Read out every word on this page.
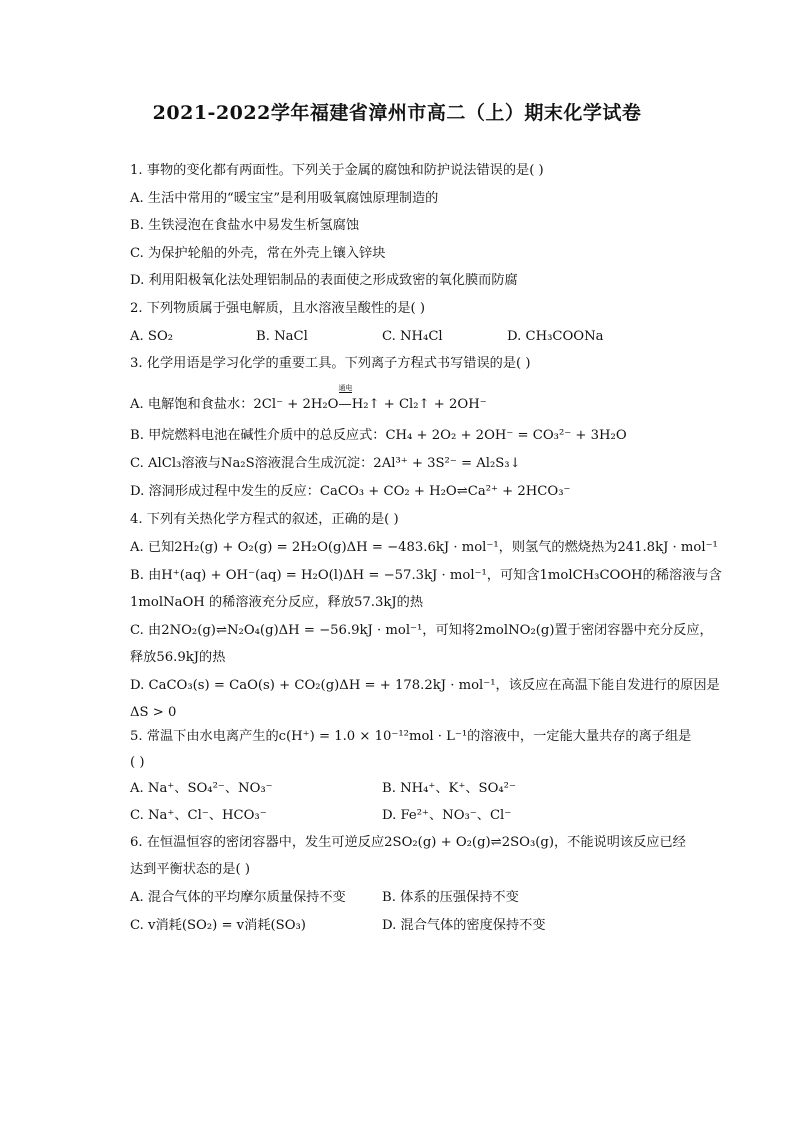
2021-2022学年福建省漳州市高二（上）期末化学试卷
1. 事物的变化都有两面性。下列关于金属的腐蚀和防护说法错误的是( )
A. 生活中常用的“暖宝宝”是利用吸氧腐蚀原理制造的
B. 生铁浸泡在食盐水中易发生析氢腐蚀
C. 为保护轮船的外壳，常在外壳上镶入锌块
D. 利用阳极氧化法处理铝制品的表面使之形成致密的氧化膜而防腐
2. 下列物质属于强电解质，且水溶液呈酸性的是( )
A. SO₂	B. NaCl	C. NH₄Cl	D. CH₃COONa
3. 化学用语是学习化学的重要工具。下列离子方程式书写错误的是( )
A. 电解饱和食盐水：2Cl⁻ + 2H₂O
通电
—H₂↑ + Cl₂↑ + 2OH⁻
B. 甲烷燃料电池在碱性介质中的总反应式：CH₄ + 2O₂ + 2OH⁻ = CO₃²⁻ + 3H₂O
C. AlCl₃溶液与Na₂S溶液混合生成沉淀：2Al³⁺ + 3S²⁻ = Al₂S₃↓
D. 溶洞形成过程中发生的反应：CaCO₃ + CO₂ + H₂O⇌Ca²⁺ + 2HCO₃⁻
4. 下列有关热化学方程式的叙述，正确的是( )
A. 已知2H₂(g) + O₂(g) = 2H₂O(g)ΔH = −483.6kJ · mol⁻¹，则氢气的燃烧热为241.8kJ · mol⁻¹
B. 由H⁺(aq) + OH⁻(aq) = H₂O(l)ΔH = −57.3kJ · mol⁻¹，可知含1molCH₃COOH的稀溶液与含
1molNaOH 的稀溶液充分反应，释放57.3kJ的热
C. 由2NO₂(g)⇌N₂O₄(g)ΔH = −56.9kJ · mol⁻¹，可知将2molNO₂(g)置于密闭容器中充分反应，
释放56.9kJ的热
D. CaCO₃(s) = CaO(s) + CO₂(g)ΔH = + 178.2kJ · mol⁻¹，该反应在高温下能自发进行的原因是
ΔS > 0
5. 常温下由水电离产生的c(H⁺) = 1.0 × 10⁻¹²mol · L⁻¹的溶液中，一定能大量共存的离子组是
( )
A. Na⁺、SO₄²⁻、NO₃⁻	B. NH₄⁺、K⁺、SO₄²⁻
C. Na⁺、Cl⁻、HCO₃⁻	D. Fe²⁺、NO₃⁻、Cl⁻
6. 在恒温恒容的密闭容器中，发生可逆反应2SO₂(g) + O₂(g)⇌2SO₃(g)，不能说明该反应已经
达到平衡状态的是( )
A. 混合气体的平均摩尔质量保持不变	B. 体系的压强保持不变
C. v消耗(SO₂) = v消耗(SO₃)	D. 混合气体的密度保持不变
